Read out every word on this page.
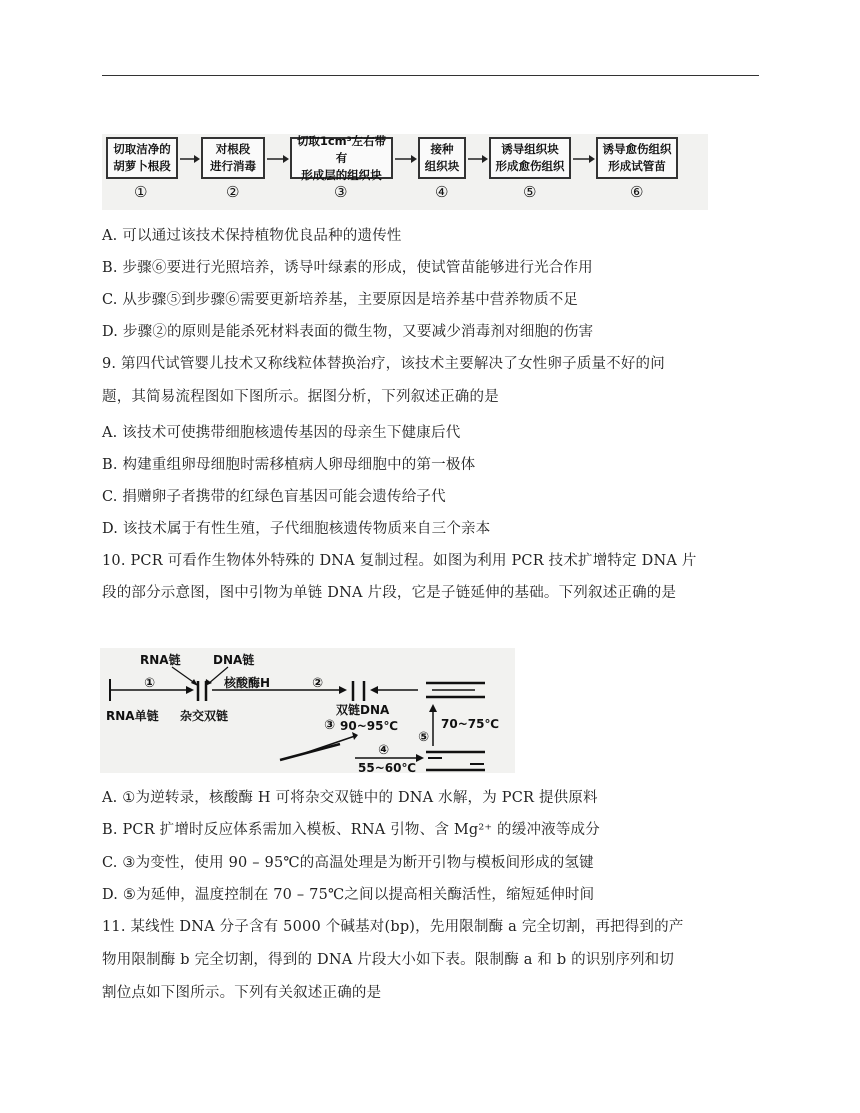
切取洁净的
胡萝卜根段
对根段
进行消毒
切取1cm³左右带有
形成层的组织块
接种
组织块
诱导组织块
形成愈伤组织
诱导愈伤组织
形成试管苗
①	②	③	④	⑤	⑥
A. 可以通过该技术保持植物优良品种的遗传性
B. 步骤⑥要进行光照培养，诱导叶绿素的形成，使试管苗能够进行光合作用
C. 从步骤⑤到步骤⑥需要更新培养基，主要原因是培养基中营养物质不足
D. 步骤②的原则是能杀死材料表面的微生物，又要减少消毒剂对细胞的伤害
9. 第四代试管婴儿技术又称线粒体替换治疗，该技术主要解决了女性卵子质量不好的问
题，其简易流程图如下图所示。据图分析，下列叙述正确的是
A. 该技术可使携带细胞核遗传基因的母亲生下健康后代
B. 构建重组卵母细胞时需移植病人卵母细胞中的第一极体
C. 捐赠卵子者携带的红绿色盲基因可能会遗传给子代
D. 该技术属于有性生殖，子代细胞核遗传物质来自三个亲本
10. PCR 可看作生物体外特殊的 DNA 复制过程。如图为利用 PCR 技术扩增特定 DNA 片
段的部分示意图，图中引物为单链 DNA 片段，它是子链延伸的基础。下列叙述正确的是
RNA链	DNA链
①	核酸酶H	②
RNA单链 杂交双链	双链DNA
③ 90~95℃
④
55~60℃
⑤
70~75℃
A. ①为逆转录，核酸酶 H 可将杂交双链中的 DNA 水解，为 PCR 提供原料
B. PCR 扩增时反应体系需加入模板、RNA 引物、含 Mg²⁺ 的缓冲液等成分
C. ③为变性，使用 90 – 95℃的高温处理是为断开引物与模板间形成的氢键
D. ⑤为延伸，温度控制在 70 – 75℃之间以提高相关酶活性，缩短延伸时间
11. 某线性 DNA 分子含有 5000 个碱基对(bp)，先用限制酶 a 完全切割，再把得到的产
物用限制酶 b 完全切割，得到的 DNA 片段大小如下表。限制酶 a 和 b 的识别序列和切
割位点如下图所示。下列有关叙述正确的是
